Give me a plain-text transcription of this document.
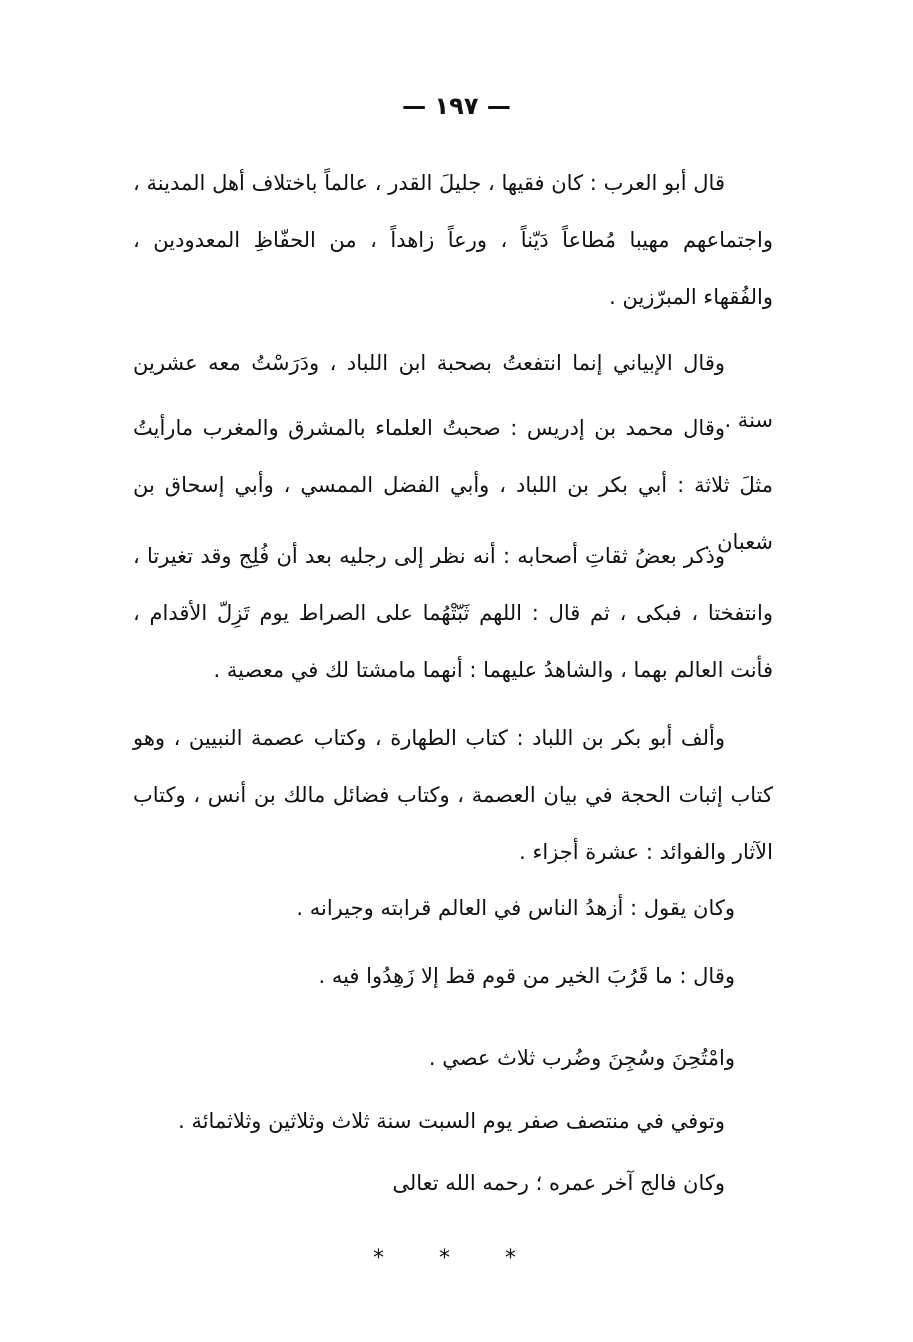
— ١٩٧ —

قال أبو العرب : كان فقيها ، جليلَ القدر ، عالماً باختلاف أهل المدينة ، واجتماعهم مهيبا مُطاعاً دَيّناً ، ورعاً زاهداً ، من الحفّاظِ المعدودين ، والفُقهاء المبرّزين .

وقال الإبياني إنما انتفعتُ بصحبة ابن اللباد ، ودَرَسْتُ معه عشرين سنة .

وقال محمد بن إدريس : صحبتُ العلماء بالمشرق والمغرب مارأيتُ مثلَ ثلاثة : أبي بكر بن اللباد ، وأبي الفضل الممسي ، وأبي إسحاق بن شعبان .

وذكر بعضُ ثقاتِ أصحابه : أنه نظر إلى رجليه بعد أن فُلِج وقد تغيرتا ، وانتفختا ، فبكى ، ثم قال : اللهم ثَبّتْهُما على الصراط يوم تَزِلّ الأقدام ، فأنت العالم بهما ، والشاهدُ عليهما : أنهما مامشتا لك في معصية .

وألف أبو بكر بن اللباد : كتاب الطهارة ، وكتاب عصمة النبيين ، وهو كتاب إثبات الحجة في بيان العصمة ، وكتاب فضائل مالك بن أنس ، وكتاب الآثار والفوائد : عشرة أجزاء .

وكان يقول : أزهدُ الناس في العالم قرابته وجيرانه .

وقال : ما قَرُبَ الخير من قوم قط إلا زَهِدُوا فيه .

وامْتُحِنَ وسُجِنَ وضُرب ثلاث عصي .

وتوفي في منتصف صفر يوم السبت سنة ثلاث وثلاثين وثلاثمائة .

وكان فالج آخر عمره ؛ رحمه الله تعالى

* * *
